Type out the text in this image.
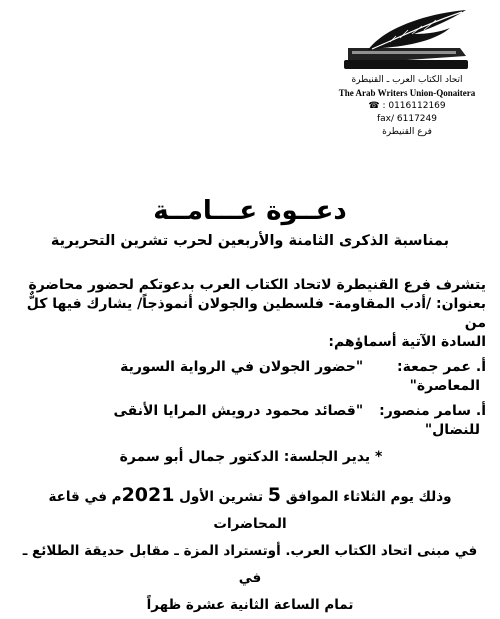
اتحاد الكتاب العرب ـ القنيطرة
The Arab Writers Union-Qonaitera
☎ : 0116112169
fax/ 6117249
فرع القنيطرة
دعــوة عـــامــة
بمناسبة الذكرى الثامنة والأربعين لحرب تشرين التحريرية
يتشرف فرع القنيطرة لاتحاد الكتاب العرب بدعوتكم لحضور محاضرة
بعنوان: /أدب المقاومة- فلسطين والجولان أنموذجاً/ يشارك فيها كلٌّ من
السادة الآتية أسماؤهم:
أ. عمر جمعة: "حضور الجولان في الرواية السورية
المعاصرة"
أ. سامر منصور: "قصائد محمود درويش المرايا الأنقى
للنضال"
* يدير الجلسة: الدكتور جمال أبو سمرة
وذلك يوم الثلاثاء الموافق 5 تشرين الأول 2021م في قاعة المحاضرات
في مبنى اتحاد الكتاب العرب. أوتستراد المزة ـ مقابل حديقة الطلائع ـ في
تمام الساعة الثانية عشرة ظهراً
